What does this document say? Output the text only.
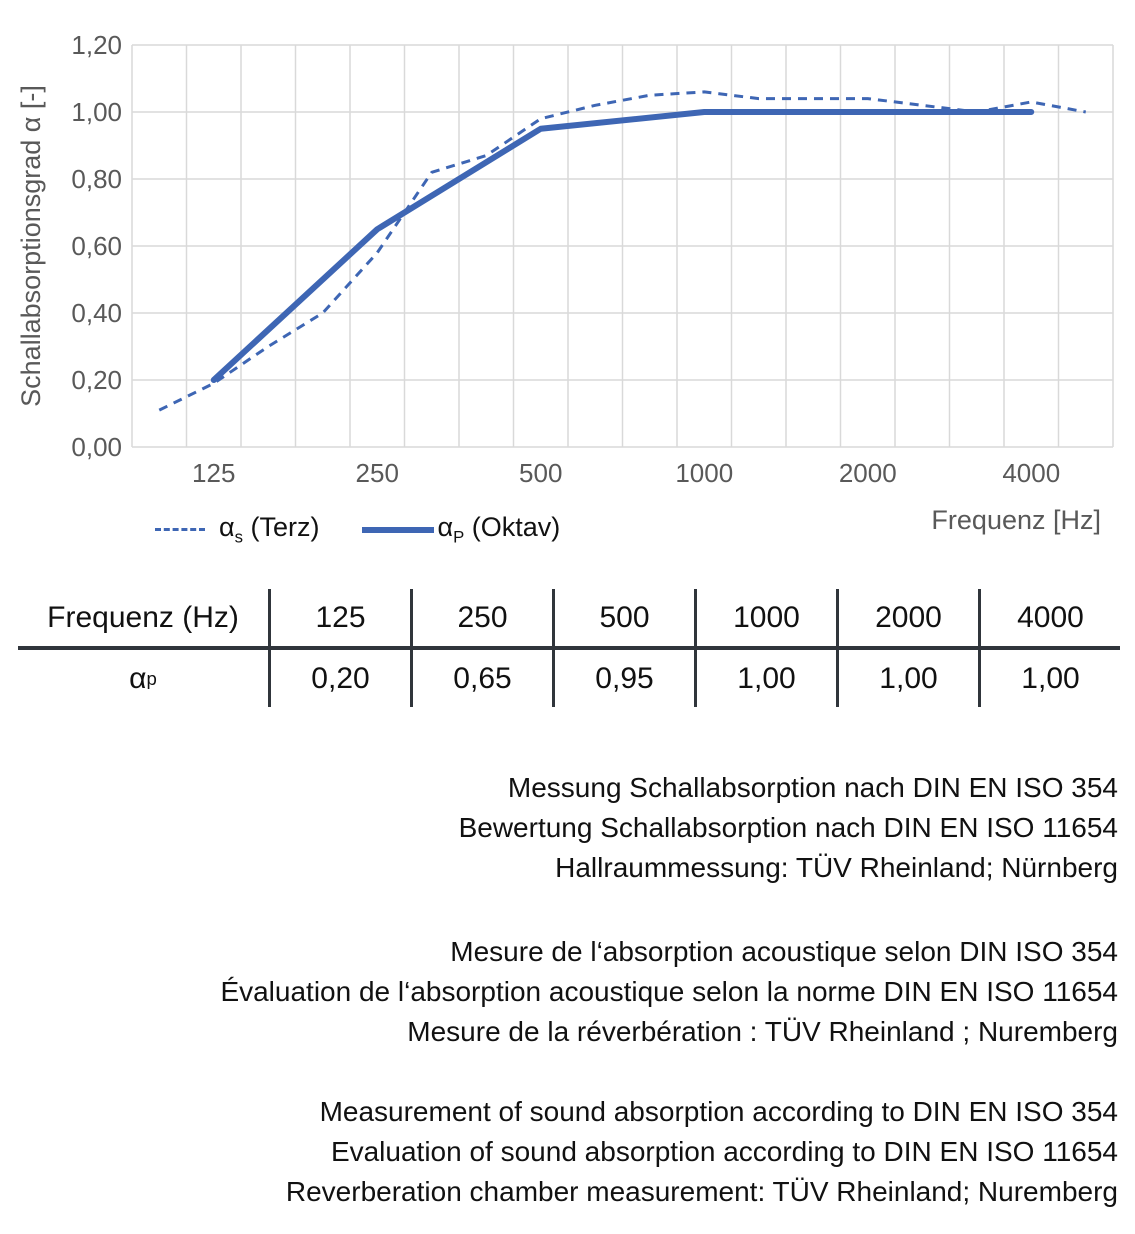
0,00
0,20
0,40
0,60
0,80
1,00
1,20
125	250	500	1000	2000	4000
Schallabsorptionsgrad α [-]
$\alpha_s$ (Terz)	$\alpha_P$ (Oktav)	Frequenz [Hz]
Frequenz (Hz)	125	250	500	1000	2000	4000
α p	0,20	0,65	0,95	1,00	1,00	1,00
Messung Schallabsorption nach DIN EN ISO 354
Bewertung Schallabsorption nach DIN EN ISO 11654
Hallraummessung: TÜV Rheinland; Nürnberg
Mesure de l‘absorption acoustique selon DIN ISO 354
Évaluation de l‘absorption acoustique selon la norme DIN EN ISO 11654
Mesure de la réverbération : TÜV Rheinland ; Nuremberg
Measurement of sound absorption according to DIN EN ISO 354
Evaluation of sound absorption according to DIN EN ISO 11654
Reverberation chamber measurement: TÜV Rheinland; Nuremberg
